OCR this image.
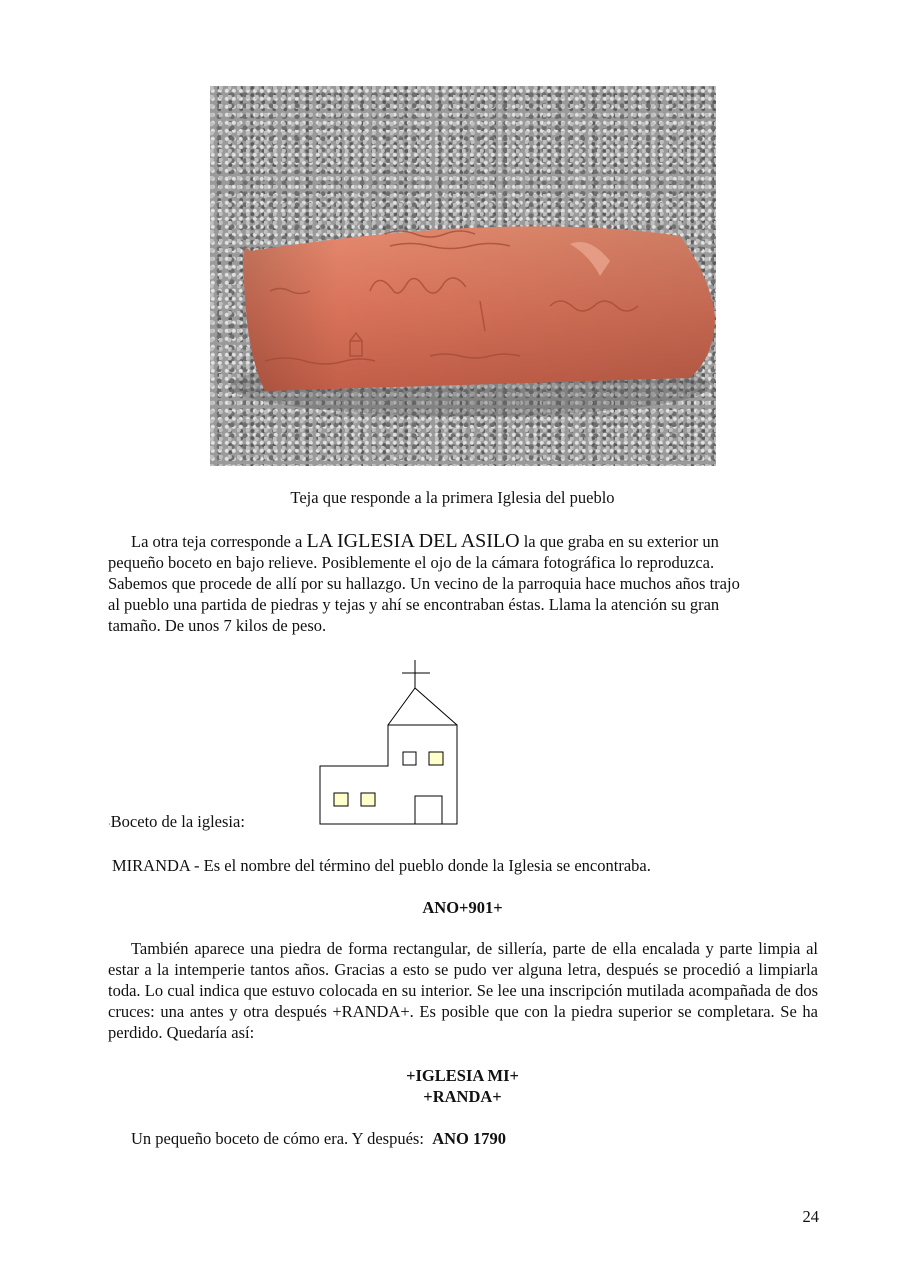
Teja que responde a la primera Iglesia del pueblo

La otra teja corresponde a LA IGLESIA DEL ASILO la que graba en su exterior un
pequeño boceto en bajo relieve. Posiblemente el ojo de la cámara fotográfica lo reproduzca.
Sabemos que procede de allí por su hallazgo. Un vecino de la parroquia hace muchos años trajo
al pueblo una partida de piedras y tejas y ahí se encontraban éstas. Llama la atención su gran
tamaño. De unos 7 kilos de peso.

·Boceto de la iglesia:
MIRANDA - Es el nombre del término del pueblo donde la Iglesia se encontraba.
ANO+901+

También aparece una piedra de forma rectangular, de sillería, parte de ella encalada y parte limpia al estar a la intemperie tantos años. Gracias a esto se pudo ver alguna letra, después se procedió a limpiarla toda. Lo cual indica que estuvo colocada en su interior. Se lee una inscripción mutilada acompañada de dos cruces: una antes y otra después +RANDA+. Es posible que con la piedra superior se completara. Se ha perdido. Quedaría así:

+IGLESIA MI+
+RANDA+

Un pequeño boceto de cómo era. Y después: ANO 1790

24
